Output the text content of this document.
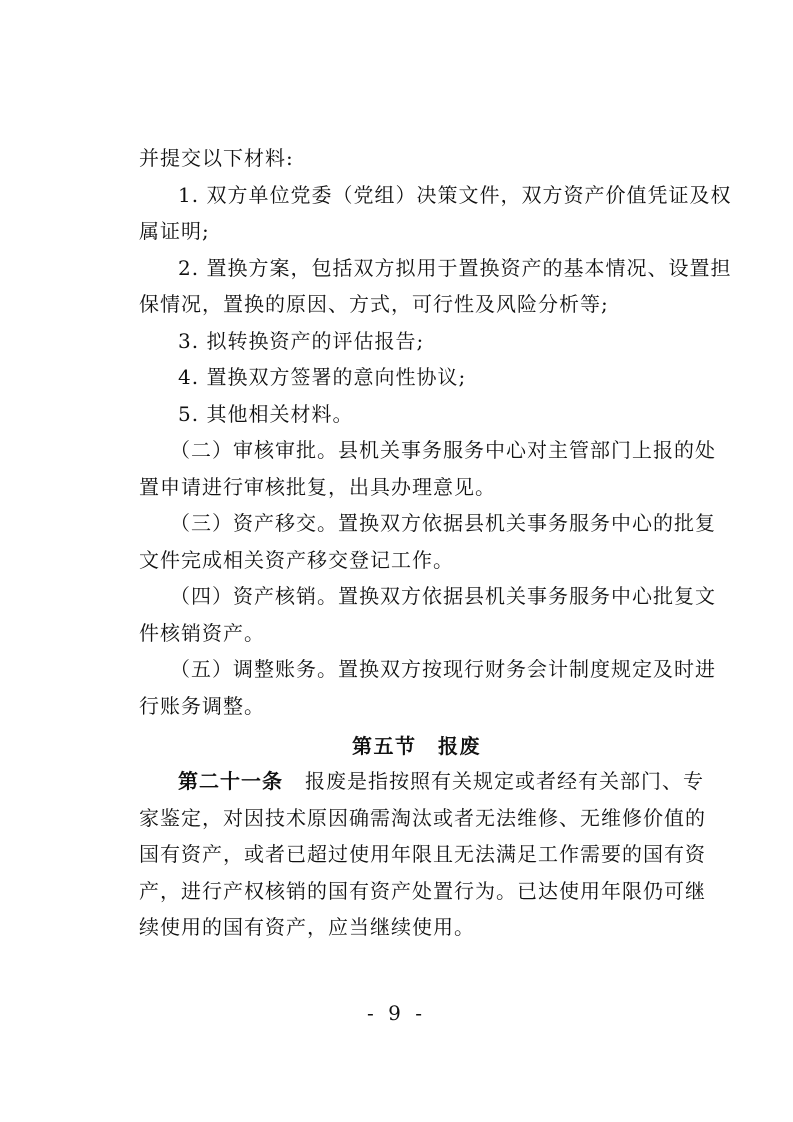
并提交以下材料:
1. 双方单位党委（党组）决策文件，双方资产价值凭证及权
属证明;
2. 置换方案，包括双方拟用于置换资产的基本情况、设置担
保情况，置换的原因、方式，可行性及风险分析等;
3. 拟转换资产的评估报告;
4. 置换双方签署的意向性协议;
5. 其他相关材料。
（二）审核审批。县机关事务服务中心对主管部门上报的处
置申请进行审核批复，出具办理意见。
（三）资产移交。置换双方依据县机关事务服务中心的批复
文件完成相关资产移交登记工作。
（四）资产核销。置换双方依据县机关事务服务中心批复文
件核销资产。
（五）调整账务。置换双方按现行财务会计制度规定及时进
行账务调整。
第五节　报废
第二十一条 报废是指按照有关规定或者经有关部门、专
家鉴定，对因技术原因确需淘汰或者无法维修、无维修价值的
国有资产，或者已超过使用年限且无法满足工作需要的国有资
产，进行产权核销的国有资产处置行为。已达使用年限仍可继
续使用的国有资产，应当继续使用。
- 9 -
